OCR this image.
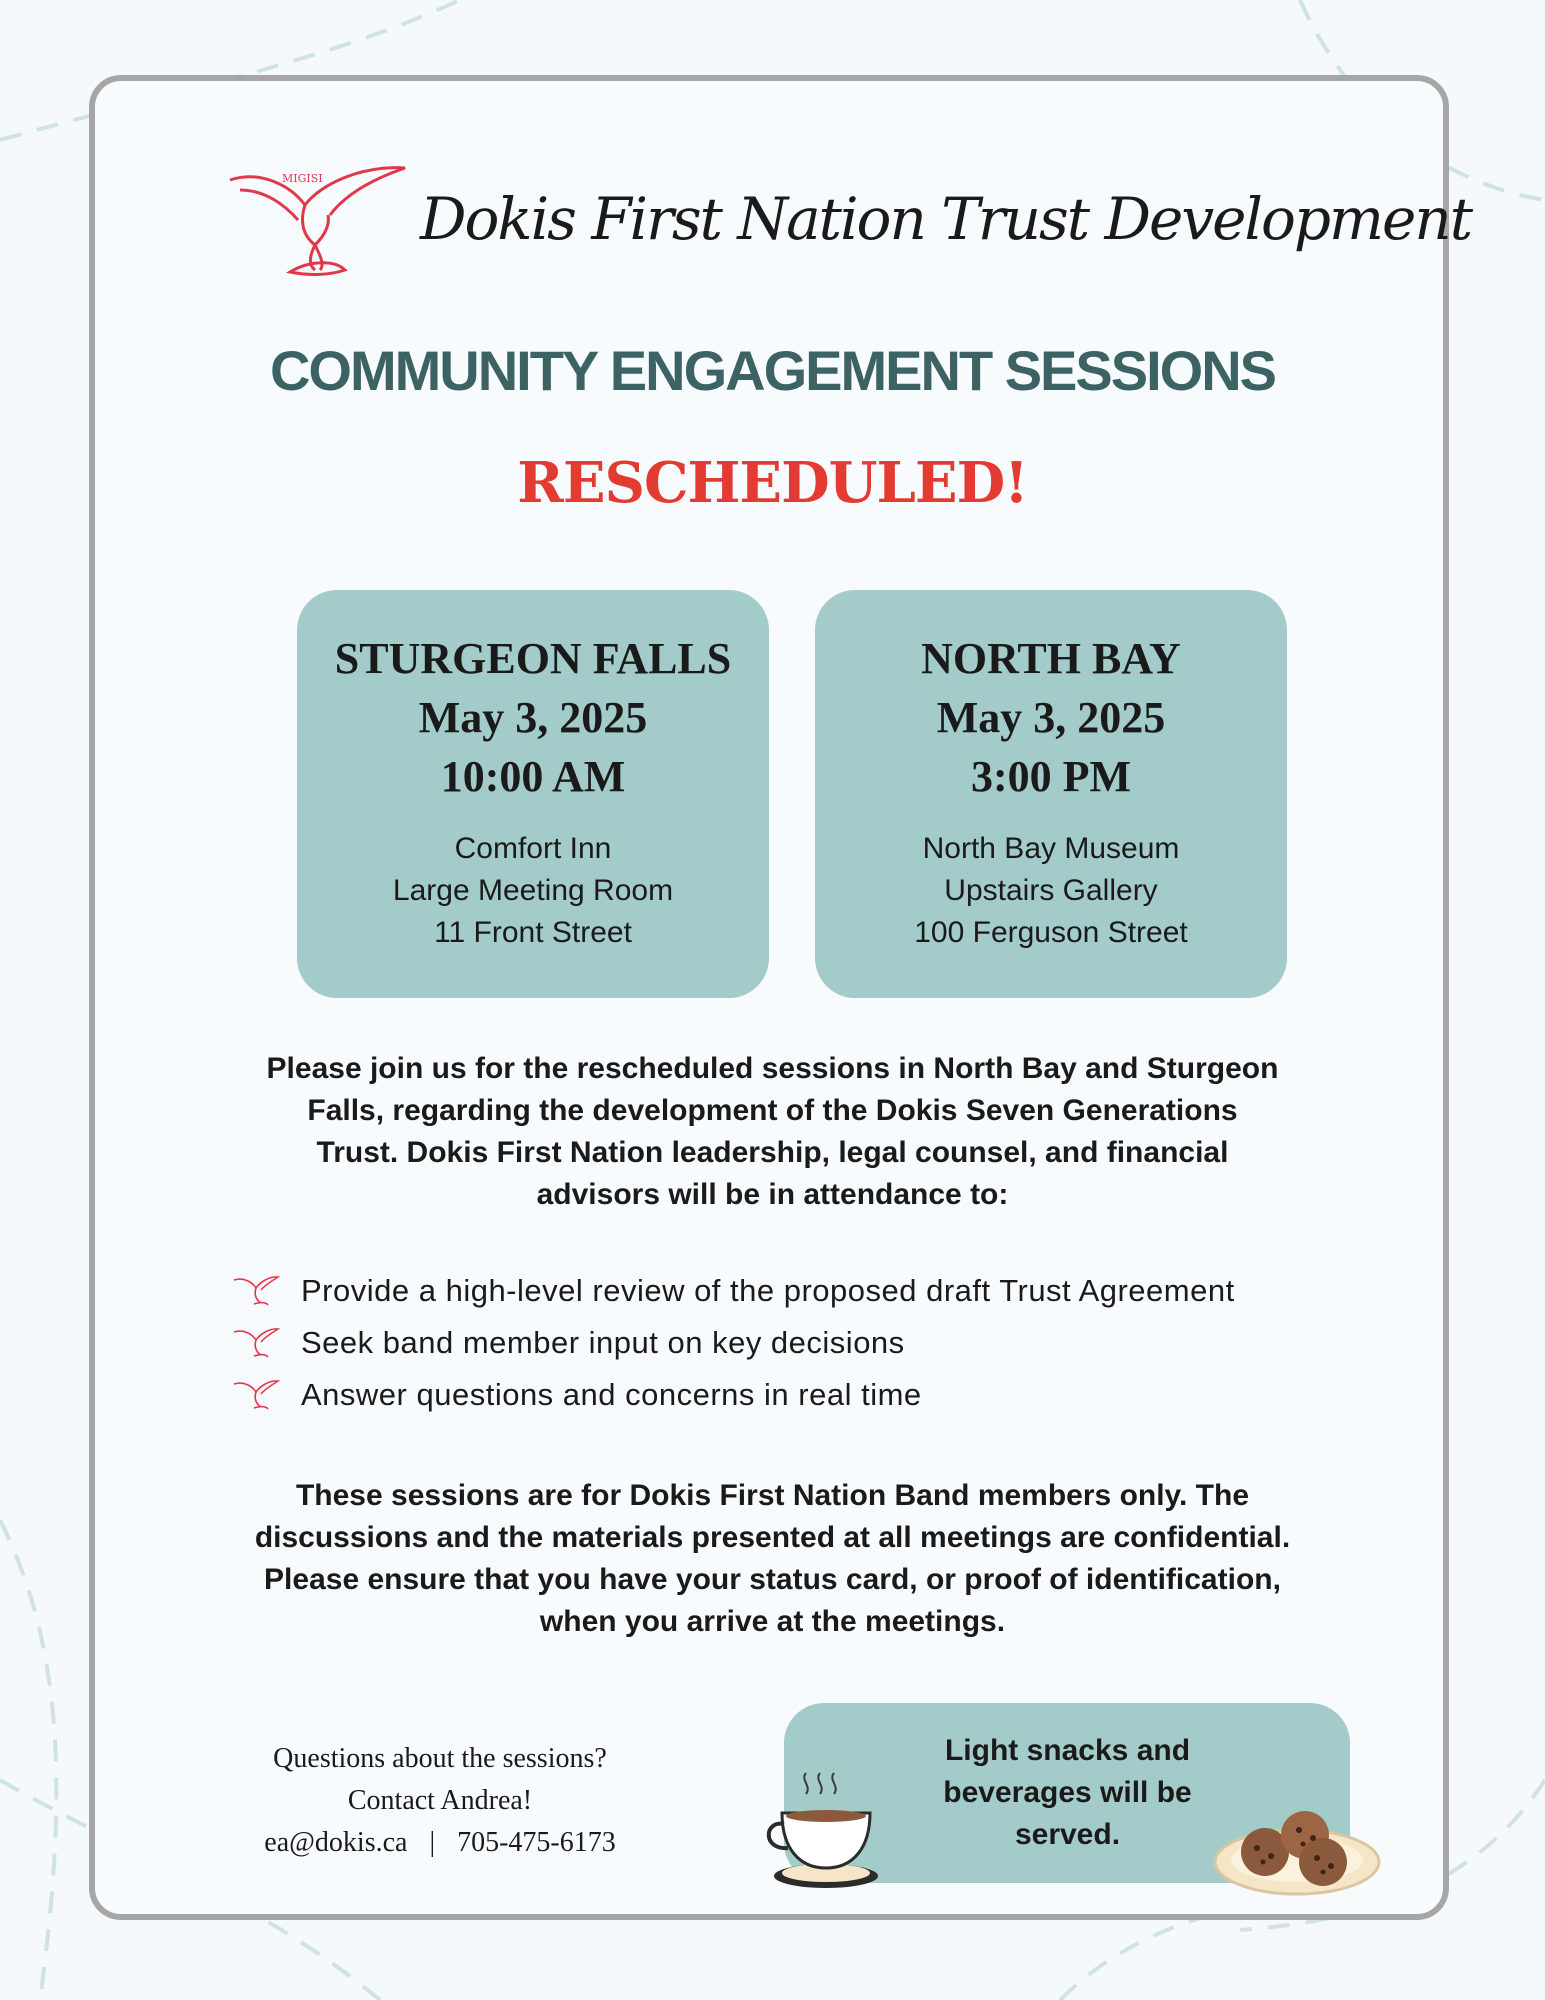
MIGISI
Dokis First Nation Trust Development
COMMUNITY ENGAGEMENT SESSIONS
RESCHEDULED!
STURGEON FALLS
May 3, 2025
10:00 AM
Comfort Inn
Large Meeting Room
11 Front Street
NORTH BAY
May 3, 2025
3:00 PM
North Bay Museum
Upstairs Gallery
100 Ferguson Street
Please join us for the rescheduled sessions in North Bay and Sturgeon
Falls, regarding the development of the Dokis Seven Generations
Trust. Dokis First Nation leadership, legal counsel, and financial
advisors will be in attendance to:
Provide a high-level review of the proposed draft Trust Agreement
Seek band member input on key decisions
Answer questions and concerns in real time
These sessions are for Dokis First Nation Band members only. The
discussions and the materials presented at all meetings are confidential.
Please ensure that you have your status card, or proof of identification,
when you arrive at the meetings.
Questions about the sessions?
Contact Andrea!
ea@dokis.ca | 705-475-6173
Light snacks and
beverages will be
served.
